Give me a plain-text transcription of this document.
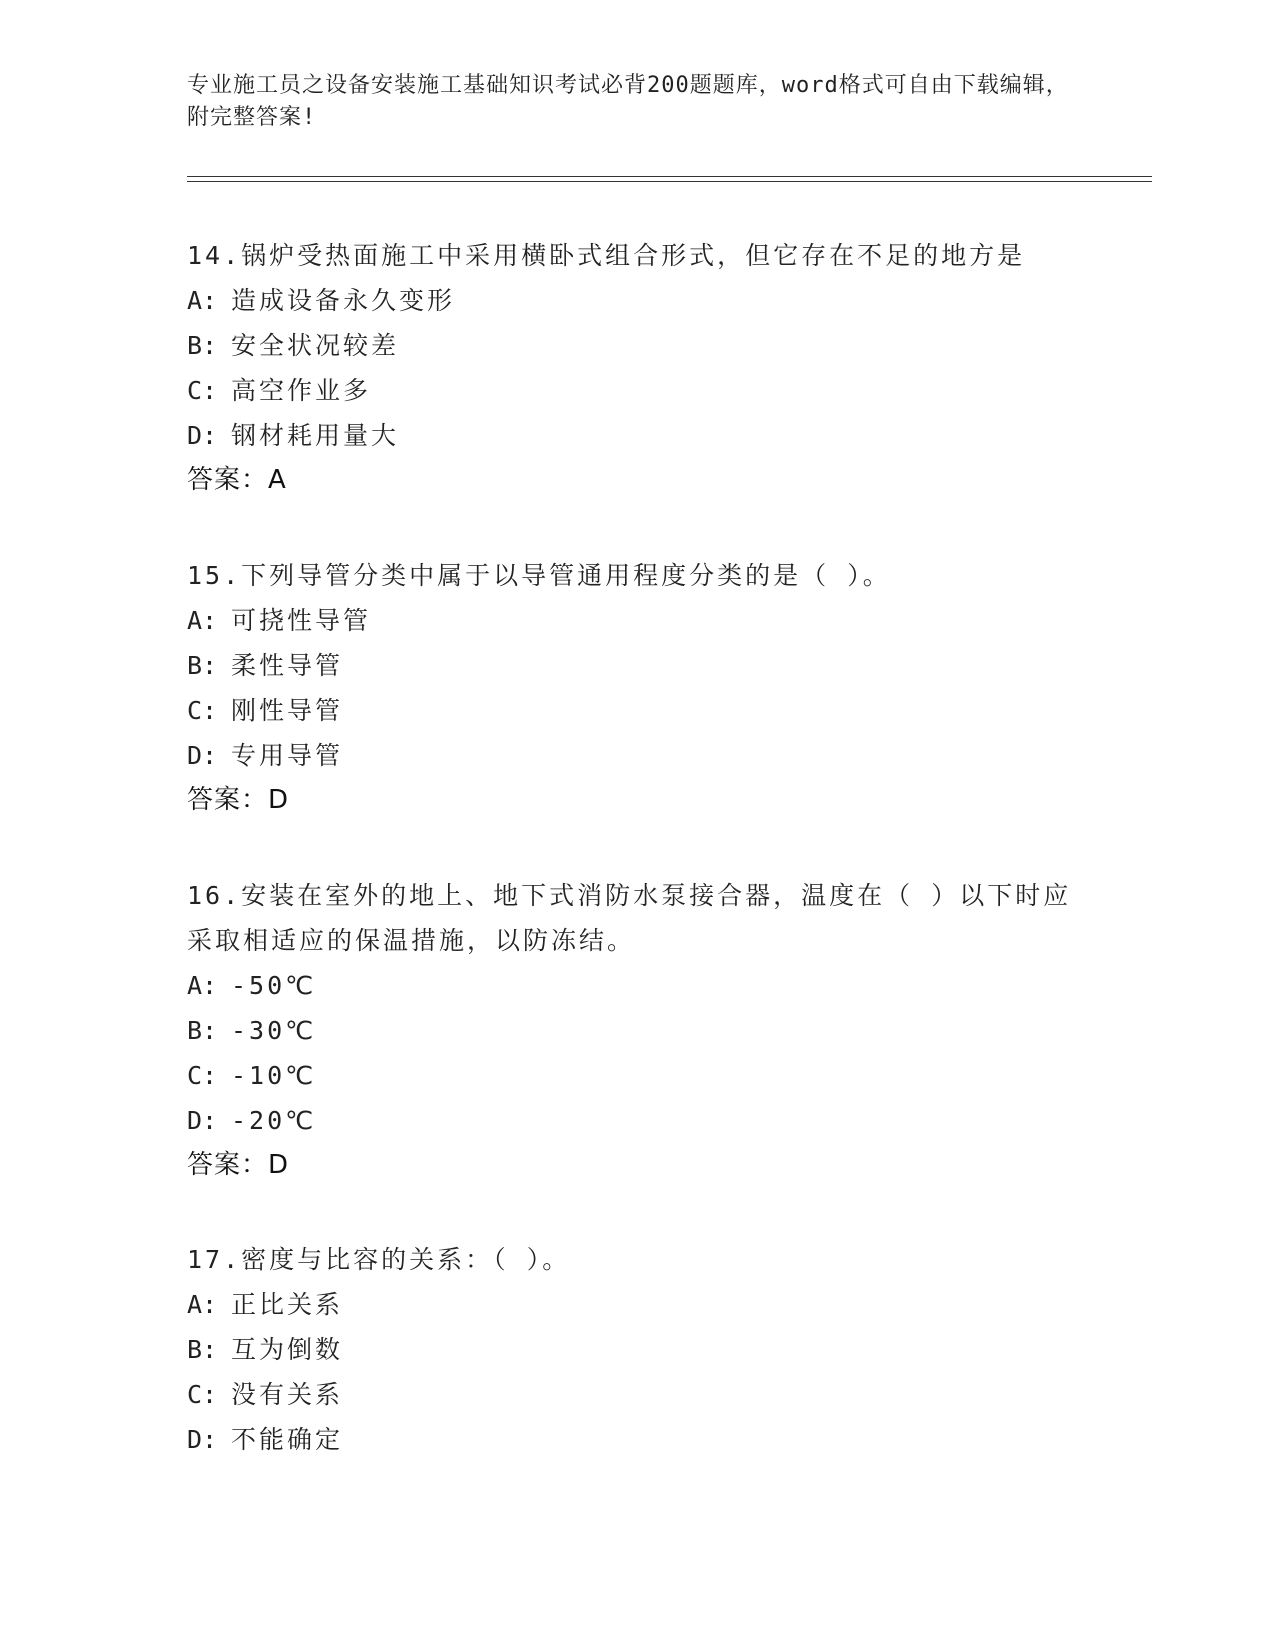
专业施工员之设备安装施工基础知识考试必背200题题库，word格式可自由下载编辑，附完整答案!
14.锅炉受热面施工中采用横卧式组合形式，但它存在不足的地方是
A: 造成设备永久变形
B: 安全状况较差
C: 高空作业多
D: 钢材耗用量大
答案：A
15.下列导管分类中属于以导管通用程度分类的是（ ）。
A: 可挠性导管
B: 柔性导管
C: 刚性导管
D: 专用导管
答案：D
16.安装在室外的地上、地下式消防水泵接合器，温度在（ ）以下时应采取相适应的保温措施，以防冻结。
A: -50℃
B: -30℃
C: -10℃
D: -20℃
答案：D
17.密度与比容的关系：（ ）。
A: 正比关系
B: 互为倒数
C: 没有关系
D: 不能确定
